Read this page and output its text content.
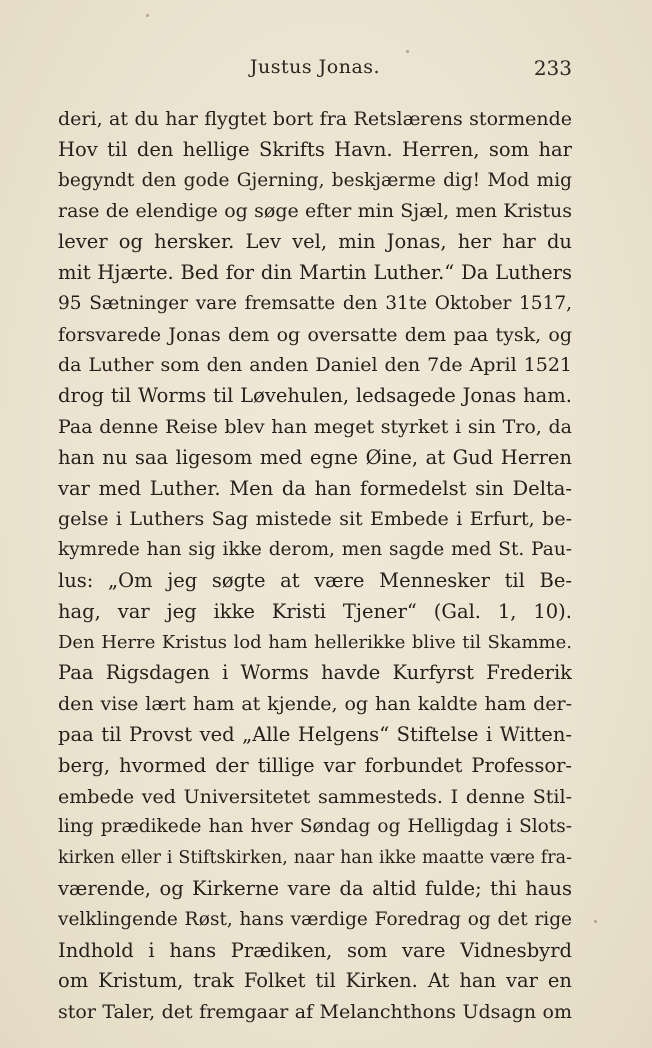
Justus Jonas.	233
deri, at du har flygtet bort fra Retslærens stormende
Hov til den hellige Skrifts Havn. Herren, som har
begyndt den gode Gjerning, beskjærme dig! Mod mig
rase de elendige og søge efter min Sjæl, men Kristus
lever og hersker. Lev vel, min Jonas, her har du
mit Hjærte. Bed for din Martin Luther.“ Da Luthers
95 Sætninger vare fremsatte den 31te Oktober 1517,
forsvarede Jonas dem og oversatte dem paa tysk, og
da Luther som den anden Daniel den 7de April 1521
drog til Worms til Løvehulen, ledsagede Jonas ham.
Paa denne Reise blev han meget styrket i sin Tro, da
han nu saa ligesom med egne Øine, at Gud Herren
var med Luther. Men da han formedelst sin Delta-
gelse i Luthers Sag mistede sit Embede i Erfurt, be-
kymrede han sig ikke derom, men sagde med St. Pau-
lus: „Om jeg søgte at være Mennesker til Be-
hag, var jeg ikke Kristi Tjener“ (Gal. 1, 10).
Den Herre Kristus lod ham hellerikke blive til Skamme.
Paa Rigsdagen i Worms havde Kurfyrst Frederik
den vise lært ham at kjende, og han kaldte ham der-
paa til Provst ved „Alle Helgens“ Stiftelse i Witten-
berg, hvormed der tillige var forbundet Professor-
embede ved Universitetet sammesteds. I denne Stil-
ling prædikede han hver Søndag og Helligdag i Slots-
kirken eller i Stiftskirken, naar han ikke maatte være fra-
værende, og Kirkerne vare da altid fulde; thi haus
velklingende Røst, hans værdige Foredrag og det rige
Indhold i hans Prædiken, som vare Vidnesbyrd
om Kristum, trak Folket til Kirken. At han var en
stor Taler, det fremgaar af Melanchthons Udsagn om
